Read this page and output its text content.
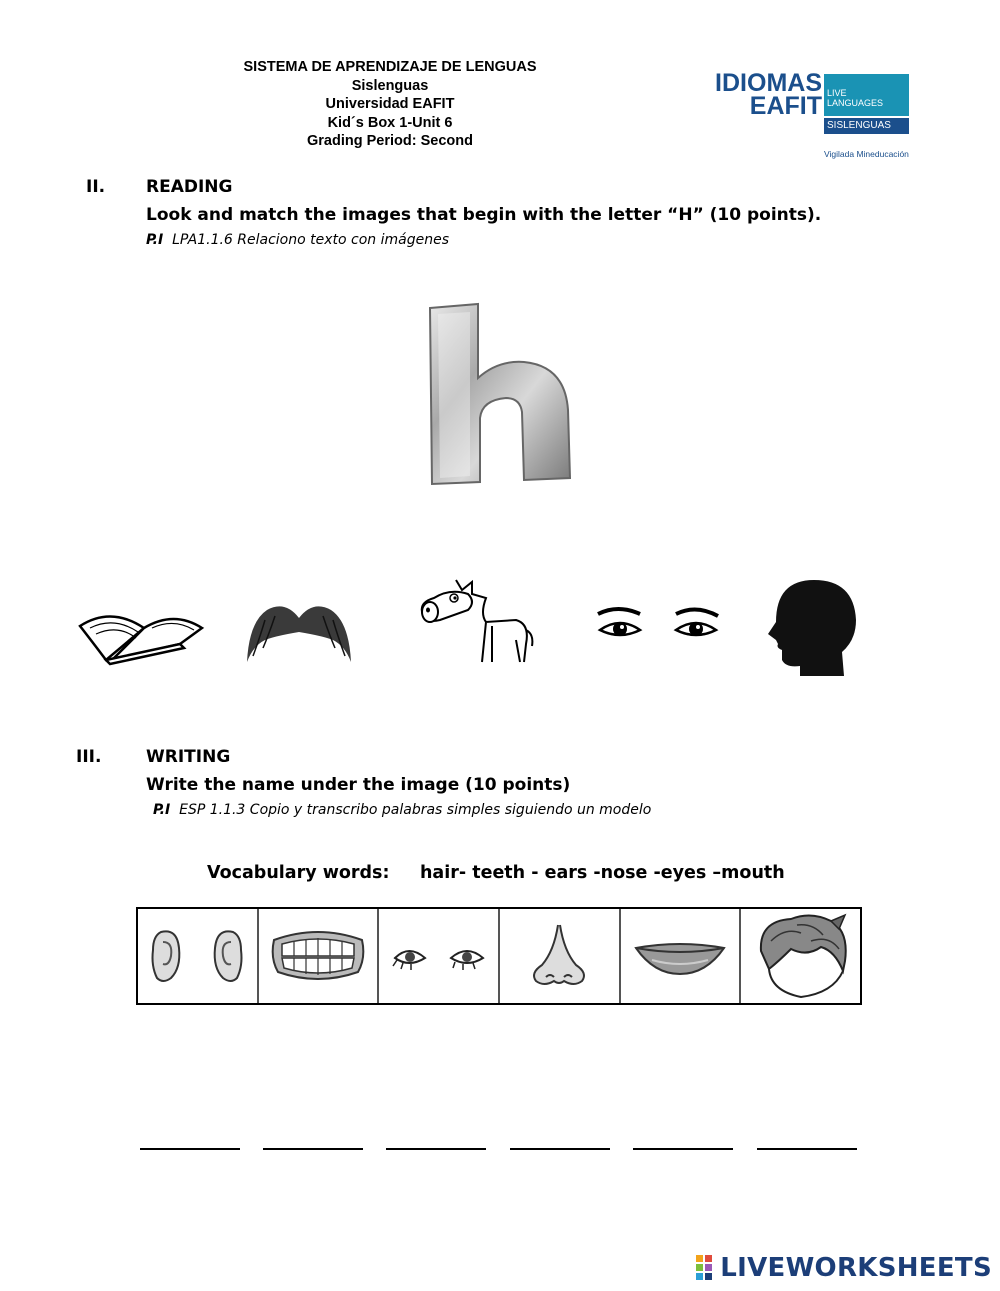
SISTEMA DE APRENDIZAJE DE LENGUAS
Sislenguas
Universidad EAFIT
Kid´s Box 1-Unit 6
Grading Period: Second
IDIOMAS
EAFIT LIVE
LANGUAGES
SISLENGUAS
Vigilada Mineducación
II. READING
Look and match the images that begin with the letter “H” (10 points).
P.I LPA1.1.6 Relaciono texto con imágenes
III.	WRITING
Write the name under the image (10 points)
P.I ESP 1.1.3 Copio y transcribo palabras simples siguiendo un modelo
Vocabulary words: hair- teeth - ears -nose -eyes –mouth
LIVEWORKSHEETS
